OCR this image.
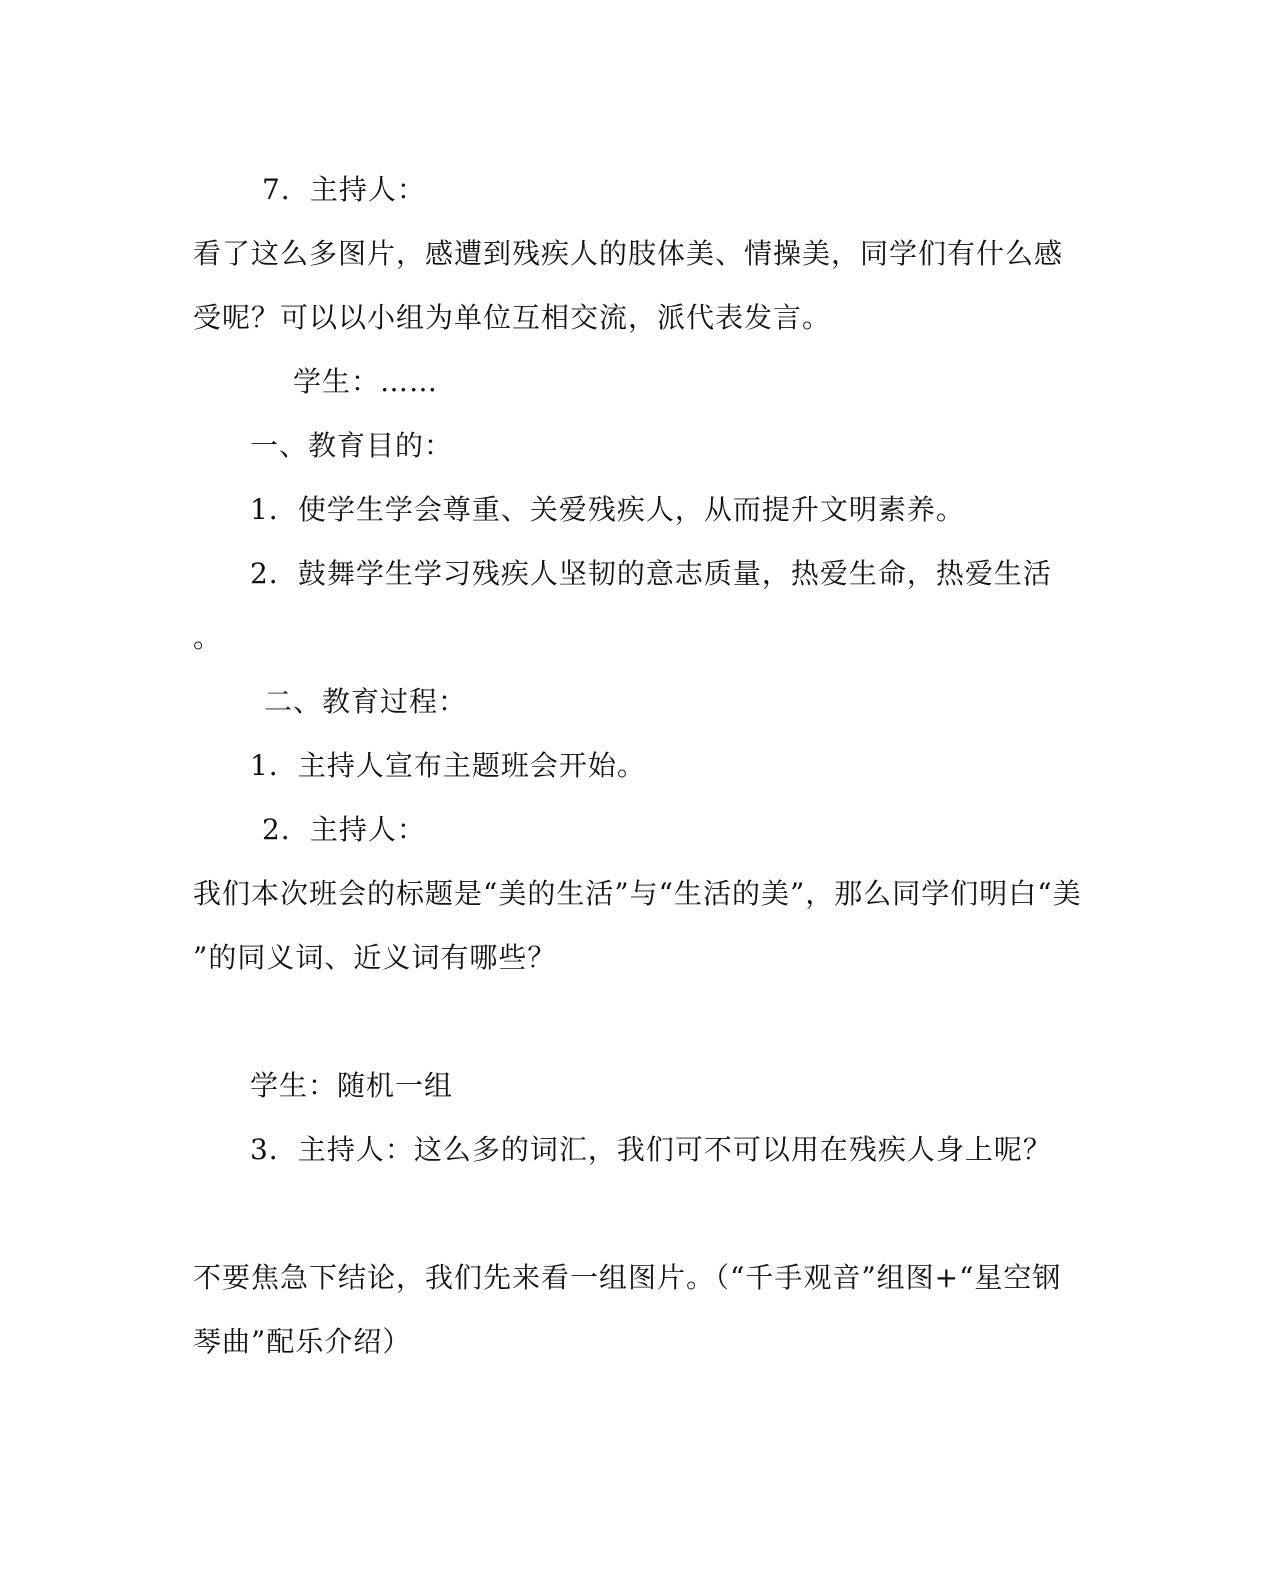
7．主持人：
看了这么多图片，感遭到残疾人的肢体美、情操美，同学们有什么感
受呢？可以以小组为单位互相交流，派代表发言。
学生：……
一、教育目的：
1．使学生学会尊重、关爱残疾人，从而提升文明素养。
2．鼓舞学生学习残疾人坚韧的意志质量，热爱生命，热爱生活
。
二、教育过程：
1．主持人宣布主题班会开始。
2．主持人：
我们本次班会的标题是“美的生活”与“生活的美”，那么同学们明白“美
”的同义词、近义词有哪些？
学生：随机一组
3．主持人：这么多的词汇，我们可不可以用在残疾人身上呢？
不要焦急下结论，我们先来看一组图片。（“千手观音”组图+“星空钢
琴曲”配乐介绍）
